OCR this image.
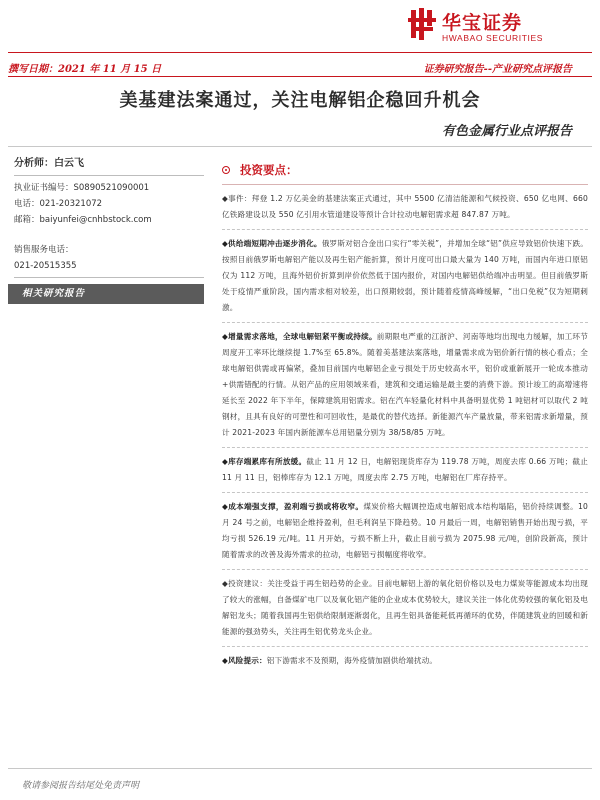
华宝证券
HWABAO SECURITIES
撰写日期：2021 年 11 月 15 日	证券研究报告--产业研究点评报告
美基建法案通过，关注电解铝企稳回升机会
有色金属行业点评报告
分析师：白云飞
执业证书编号：S0890521090001
电话：021-20321072
邮箱：baiyunfei@cnhbstock.com
销售服务电话：
021-20515355
相关研究报告
投资要点：
◆事件：拜登 1.2 万亿美金的基建法案正式通过，其中 5500 亿清洁能源和气候投资、650 亿电网、660 亿铁路建设以及 550 亿引用水管道建设等预计合计拉动电解铝需求超 847.87 万吨。
◆供给端短期冲击逐步消化。俄罗斯对铝合金出口实行“零关税”，并增加全球“铝”供应导致铝价快速下跌。按照目前俄罗斯电解铝产能以及再生铝产能折算，预计月度可出口最大量为 140 万吨，而国内年进口原铝仅为 112 万吨，且海外铝价折算到岸价依然低于国内报价，对国内电解铝供给端冲击明显。但目前俄罗斯处于疫情严重阶段，国内需求相对较差，出口预期较弱，预计随着疫情高峰缓解，“出口免税”仅为短期刺激。
◆增量需求落地，全球电解铝紧平衡或持续。前期限电严重的江浙沪、河南等地均出现电力缓解，加工环节周度开工率环比继续提 1.7%至 65.8%。随着美基建法案落地，增量需求成为铝价新行情的核心看点；全球电解铝供需或再偏紧，叠加目前国内电解铝企业亏损处于历史较高水平，铝价或重新展开一轮成本推动+供需错配的行情。从铝产品的应用领域来看，建筑和交通运输是最主要的消费下游。预计竣工的高增速将延长至 2022 年下半年，保障建筑用铝需求。铝在汽车轻量化材料中具备明显优势 1 吨铝材可以取代 2 吨钢材，且具有良好的可塑性和可回收性，是最优的替代选择。新能源汽车产量放量，带来铝需求新增量，预计 2021-2023 年国内新能源车总用铝量分别为 38/58/85 万吨。
◆库存端累库有所放缓。截止 11 月 12 日，电解铝现货库存为 119.78 万吨，周度去库 0.66 万吨；截止 11 月 11 日，铝棒库存为 12.1 万吨，周度去库 2.75 万吨，电解铝在厂库存持平。
◆成本端强支撑，盈利端亏损或将收窄。煤炭价格大幅调控造成电解铝成本结构塌陷，铝价持续调整。10 月 24 号之前，电解铝企维持盈利，但毛利润呈下降趋势。10 月最后一周，电解铝销售开始出现亏损，平均亏损 526.19 元/吨。11 月开始，亏损不断上升，截止目前亏损为 2075.98 元/吨，创阶段新高，预计随着需求的改善及海外需求的拉动，电解铝亏损幅度将收窄。
◆投资建议：关注受益于再生铝趋势的企业。目前电解铝上游的氧化铝价格以及电力煤炭等能源成本均出现了较大的涨幅，自备煤矿电厂以及氧化铝产能的企业成本优势较大，建议关注一体化优势较强的氧化铝及电解铝龙头；随着我国再生铝供给限制逐渐弱化，且再生铝具备能耗低再循环的优势，伴随建筑业的回暖和新能源的强劲势头，关注再生铝优势龙头企业。
◆风险提示：铝下游需求不及预期，海外疫情加剧供给端扰动。
敬请参阅报告结尾处免责声明
